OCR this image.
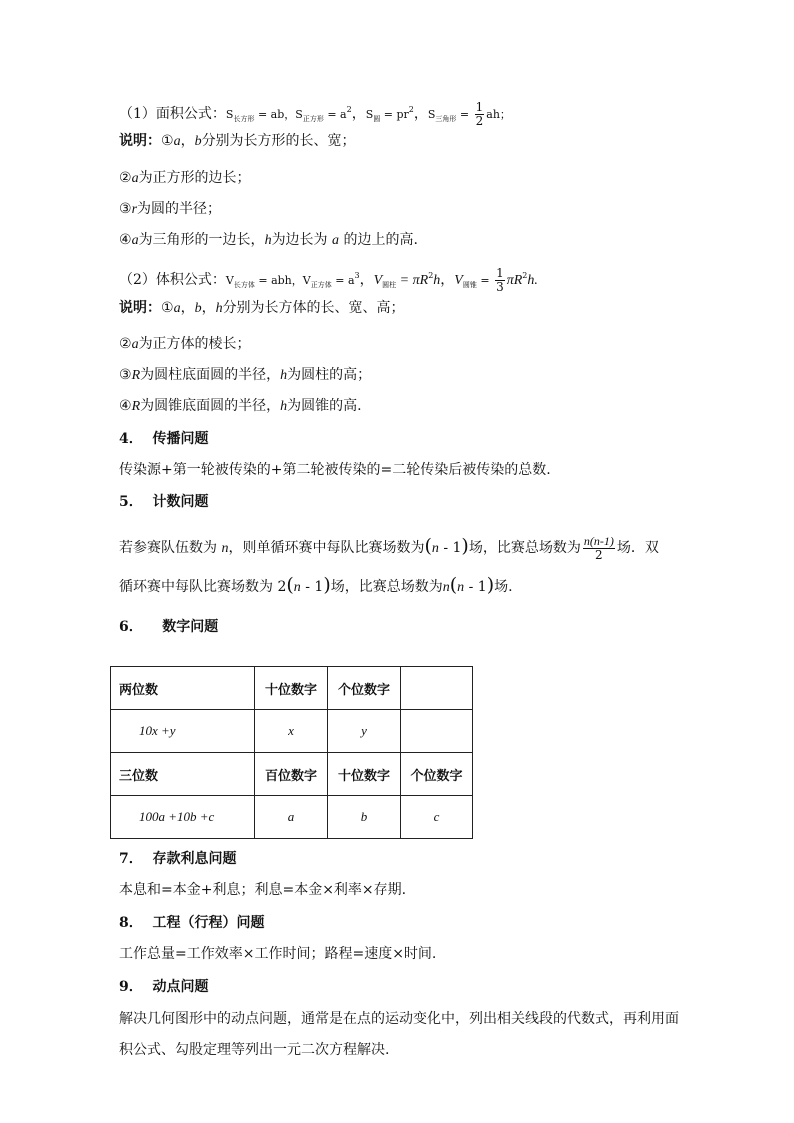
（1）面积公式：$S_{长方形}$ = ab，$S_{正方形} = a^2$，$S_圆 = pr^2$，$S_{三角形} = \frac{1}{2}$ ah；
说明：①a，b分别为长方形的长、宽；
②a为正方形的边长；
③r为圆的半径；
④a为三角形的一边长，h为边长为 a 的边上的高.
（2）体积公式：$V_{长方体}$ = abh，$V_{正方体} = a^3$，$V_{圆柱} = \pi R^2h$，$V_{圆锥} = \frac{1}{3} \pi R^2h$.
说明：①a，b，h分别为长方体的长、宽、高；
②a为正方体的棱长；
③R为圆柱底面圆的半径，h为圆柱的高；
④R为圆锥底面圆的半径，h为圆锥的高.
4． 传播问题
传染源+第一轮被传染的+第二轮被传染的=二轮传染后被传染的总数.
5． 计数问题
若参赛队伍数为 n，则单循环赛中每队比赛场数为(n - 1)场，比赛总场数为 $\frac{n(n-1)}{2}$ 场．双
循环赛中每队比赛场数为 2(n - 1)场，比赛总场数为n(n - 1)场.
6． 数字问题
两位数	十位数字	个位数字	
10x +y	x	y	
三位数	百位数字	十位数字	个位数字
100a +10b +c	a	b	c
7． 存款利息问题
本息和=本金+利息；利息=本金×利率×存期.
8． 工程（行程）问题
工作总量=工作效率×工作时间；路程=速度×时间.
9． 动点问题
解决几何图形中的动点问题，通常是在点的运动变化中，列出相关线段的代数式，再利用面
积公式、勾股定理等列出一元二次方程解决.
